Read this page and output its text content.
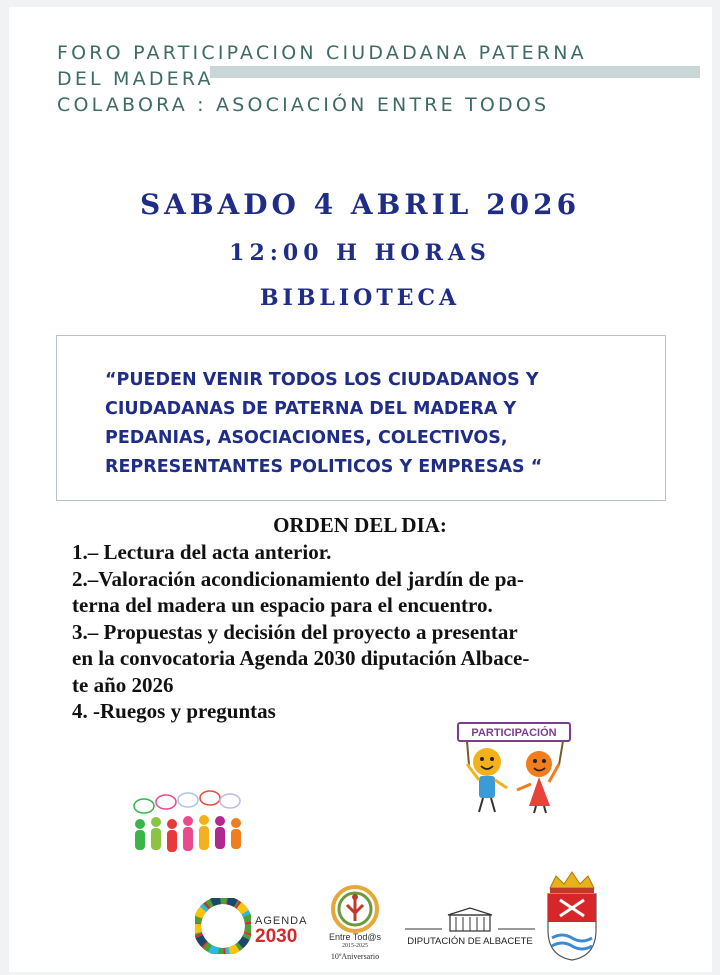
FORO PARTICIPACION CIUDADANA PATERNA
DEL MADERA
COLABORA : ASOCIACIÓN ENTRE TODOS
SABADO 4 ABRIL 2026
12:00 H HORAS
BIBLIOTECA
“PUEDEN VENIR TODOS LOS CIUDADANOS Y
CIUDADANAS DE PATERNA DEL MADERA Y
PEDANIAS, ASOCIACIONES, COLECTIVOS,
REPRESENTANTES POLITICOS Y EMPRESAS “
ORDEN DEL DIA:
1.– Lectura del acta anterior.
2.–Valoración acondicionamiento del jardín de pa-
terna del madera un espacio para el encuentro.
3.– Propuestas y decisión del proyecto a presentar
en la convocatoria Agenda 2030 diputación Albace-
te año 2026
4. -Ruegos y preguntas
PARTICIPACIÓN
AGENDA
2030	Entre Tod@s
2015-2025
10ºAniversario
DIPUTACIÓN DE ALBACETE
